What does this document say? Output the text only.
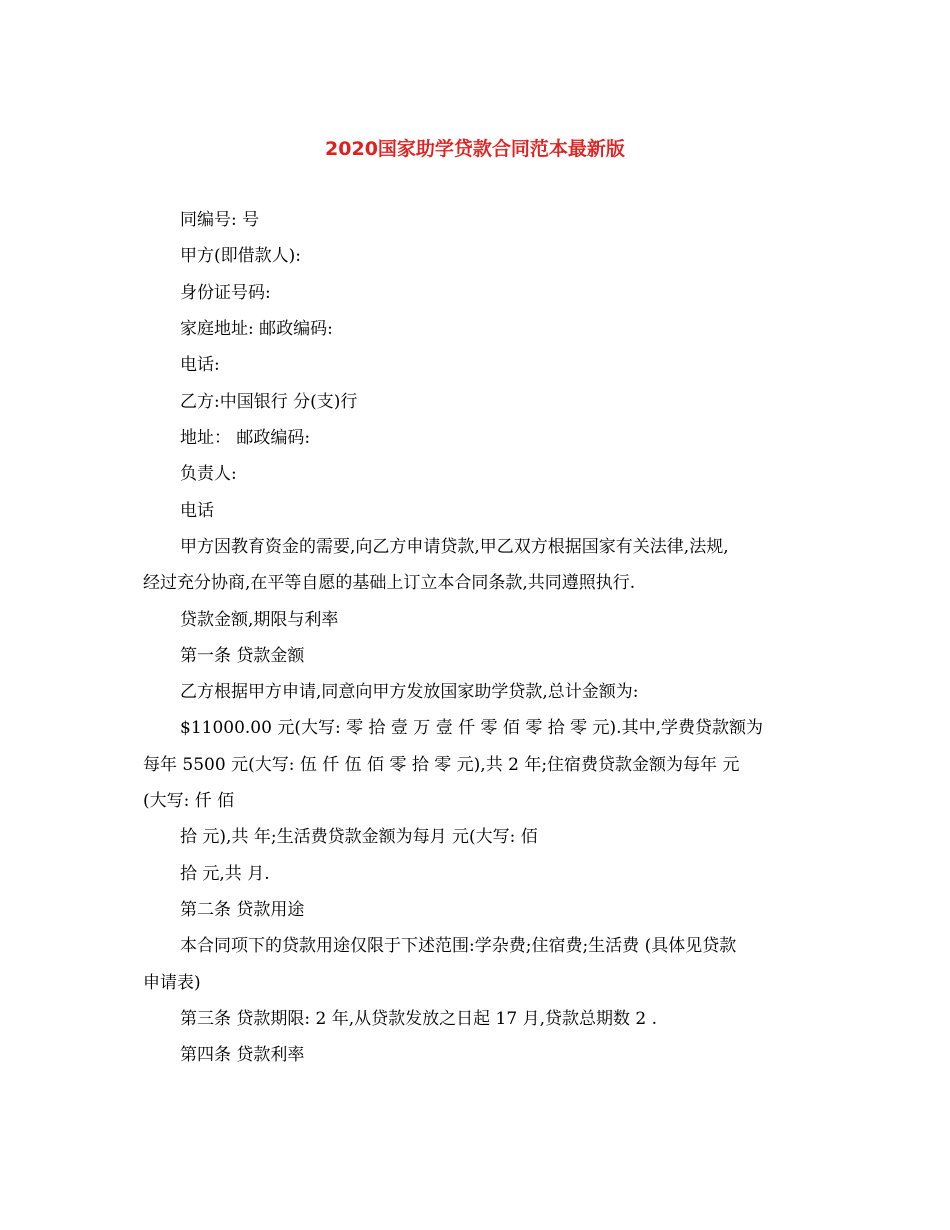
2020国家助学贷款合同范本最新版
同编号: 号
甲方(即借款人):
身份证号码:
家庭地址: 邮政编码:
电话:
乙方:中国银行 分(支)行
地址： 邮政编码:
负责人:
电话
甲方因教育资金的需要,向乙方申请贷款,甲乙双方根据国家有关法律,法规,
经过充分协商,在平等自愿的基础上订立本合同条款,共同遵照执行.
贷款金额,期限与利率
第一条 贷款金额
乙方根据甲方申请,同意向甲方发放国家助学贷款,总计金额为:
$11000.00 元(大写: 零 拾 壹 万 壹 仟 零 佰 零 拾 零 元).其中,学费贷款额为
每年 5500 元(大写: 伍 仟 伍 佰 零 拾 零 元),共 2 年;住宿费贷款金额为每年 元
(大写: 仟 佰
拾 元),共 年;生活费贷款金额为每月 元(大写: 佰
拾 元,共 月.
第二条 贷款用途
本合同项下的贷款用途仅限于下述范围:学杂费;住宿费;生活费 (具体见贷款
申请表)
第三条 贷款期限: 2 年,从贷款发放之日起 17 月,贷款总期数 2 .
第四条 贷款利率
